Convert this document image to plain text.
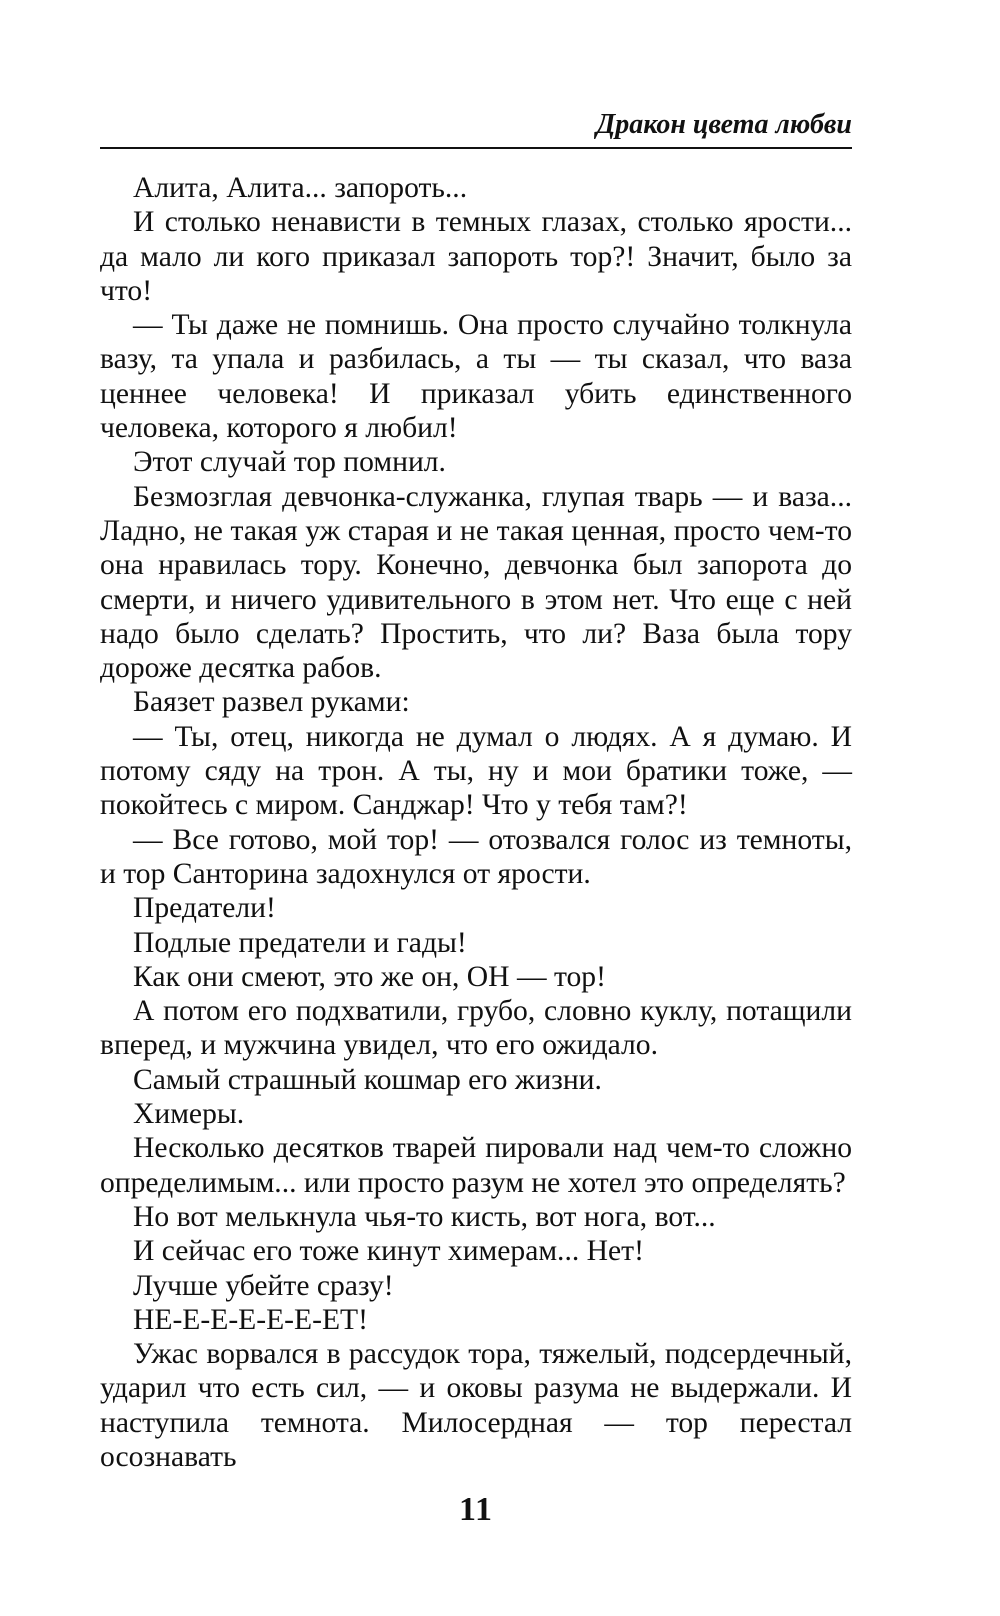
Дракон цвета любви

Алита, Алита... запороть...

И столько ненависти в темных глазах, столько ярости... да мало ли кого приказал запороть тор?! Значит, было за что!

— Ты даже не помнишь. Она просто случайно толкнула вазу, та упала и разбилась, а ты — ты сказал, что ваза ценнее человека! И приказал убить единственного человека, которого я любил!

Этот случай тор помнил.

Безмозглая девчонка-служанка, глупая тварь — и ваза... Ладно, не такая уж старая и не такая ценная, просто чем-то она нравилась тору. Конечно, девчонка был запорота до смерти, и ничего удивительного в этом нет. Что еще с ней надо было сделать? Простить, что ли? Ваза была тору дороже десятка рабов.

Баязет развел руками:

— Ты, отец, никогда не думал о людях. А я думаю. И потому сяду на трон. А ты, ну и мои братики тоже, — покойтесь с миром. Санджар! Что у тебя там?!

— Все готово, мой тор! — отозвался голос из темноты, и тор Санторина задохнулся от ярости.

Предатели!

Подлые предатели и гады!

Как они смеют, это же он, ОН — тор!

А потом его подхватили, грубо, словно куклу, потащили вперед, и мужчина увидел, что его ожидало.

Самый страшный кошмар его жизни.

Химеры.

Несколько десятков тварей пировали над чем-то сложно определимым... или просто разум не хотел это определять?

Но вот мелькнула чья-то кисть, вот нога, вот...

И сейчас его тоже кинут химерам... Нет!

Лучше убейте сразу!

НЕ-Е-Е-Е-Е-Е-ЕТ!

Ужас ворвался в рассудок тора, тяжелый, подсердечный, ударил что есть сил, — и оковы разума не выдержали. И наступила темнота. Милосердная — тор перестал осознавать

11
